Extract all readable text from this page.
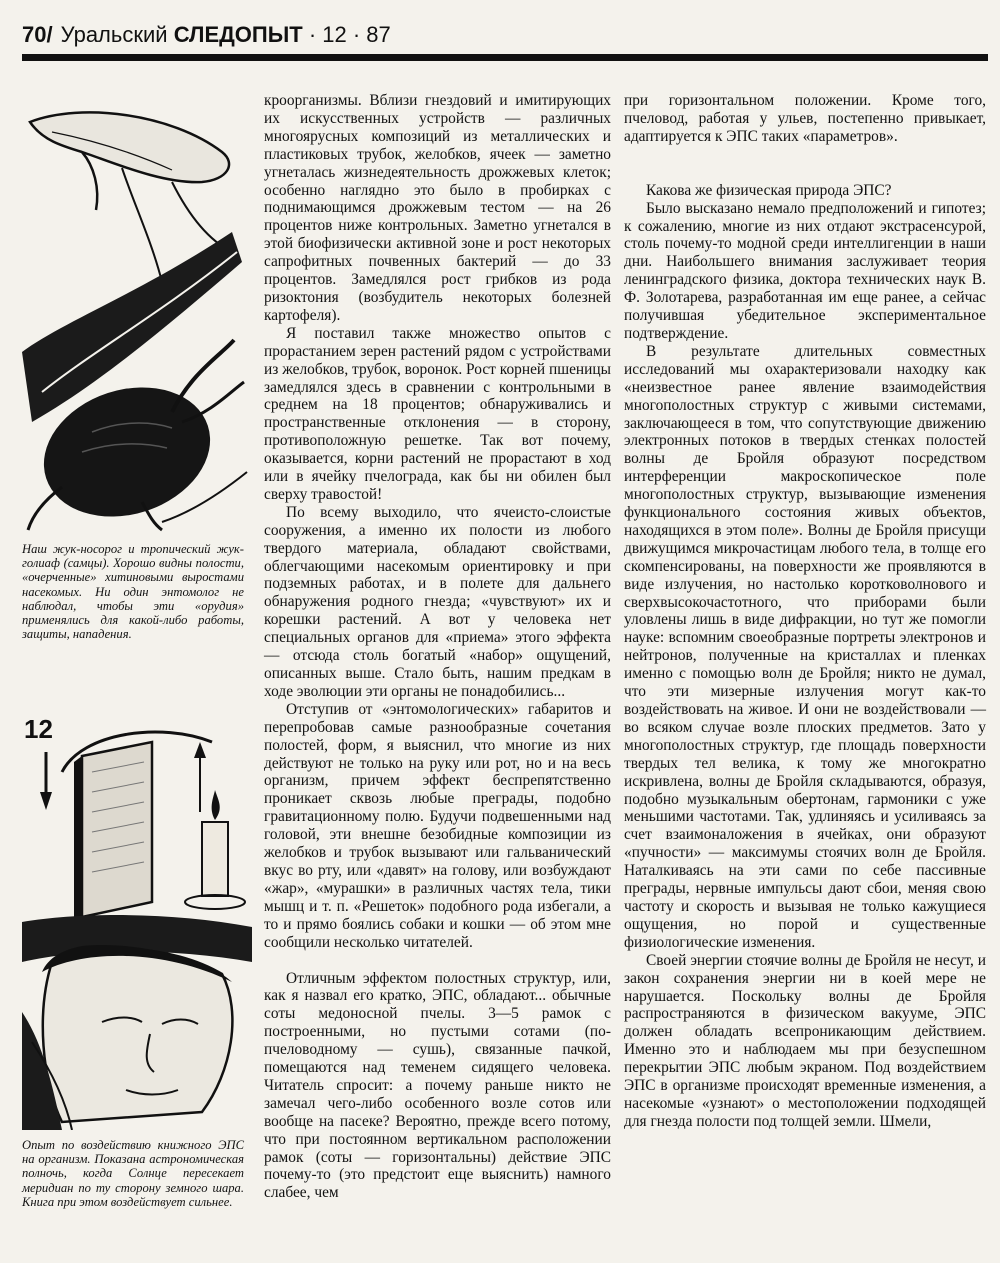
70/ Уральский СЛЕДОПЫТ · 12 · 87
Наш жук-носорог и тропический жук-голиаф (самцы). Хорошо видны полости, «очерченные» хитиновыми выростами насекомых. Ни один энтомолог не наблюдал, чтобы эти «орудия» применялись для какой-либо работы, защиты, нападения.
12
Опыт по воздействию книжного ЭПС на организм. Показана астрономическая полночь, когда Солнце пересекает меридиан по ту сторону земного шара. Книга при этом воздействует сильнее.

кроорганизмы. Вблизи гнездовий и имитирующих их искусственных устройств — различных многоярусных композиций из металлических и пластиковых трубок, желобков, ячеек — заметно угнеталась жизнедеятельность дрожжевых клеток; особенно наглядно это было в пробирках с поднимающимся дрожжевым тестом — на 26 процентов ниже контрольных. Заметно угнетался в этой биофизически активной зоне и рост некоторых сапрофитных почвенных бактерий — до 33 процентов. Замедлялся рост грибков из рода ризоктония (возбудитель некоторых болезней картофеля).

Я поставил также множество опытов с прорастанием зерен растений рядом с устройствами из желобков, трубок, воронок. Рост корней пшеницы замедлялся здесь в сравнении с контрольными в среднем на 18 процентов; обнаруживались и пространственные отклонения — в сторону, противоположную решетке. Так вот почему, оказывается, корни растений не прорастают в ход или в ячейку пчелограда, как бы ни обилен был сверху травостой!

По всему выходило, что ячеисто-слоистые сооружения, а именно их полости из любого твердого материала, обладают свойствами, облегчающими насекомым ориентировку и при подземных работах, и в полете для дальнего обнаружения родного гнезда; «чувствуют» их и корешки растений. А вот у человека нет специальных органов для «приема» этого эффекта — отсюда столь богатый «набор» ощущений, описанных выше. Стало быть, нашим предкам в ходе эволюции эти органы не понадобились...

Отступив от «энтомологических» габаритов и перепробовав самые разнообразные сочетания полостей, форм, я выяснил, что многие из них действуют не только на руку или рот, но и на весь организм, причем эффект беспрепятственно проникает сквозь любые преграды, подобно гравитационному полю. Будучи подвешенными над головой, эти внешне безобидные композиции из желобков и трубок вызывают или гальванический вкус во рту, или «давят» на голову, или возбуждают «жар», «мурашки» в различных частях тела, тики мышц и т. п. «Решеток» подобного рода избегали, а то и прямо боялись собаки и кошки — об этом мне сообщили несколько читателей.

Отличным эффектом полостных структур, или, как я назвал его кратко, ЭПС, обладают... обычные соты медоносной пчелы. 3—5 рамок с построенными, но пустыми сотами (по-пчеловодному — сушь), связанные пачкой, помещаются над теменем сидящего человека. Читатель спросит: а почему раньше никто не замечал чего-либо особенного возле сотов или вообще на пасеке? Вероятно, прежде всего потому, что при постоянном вертикальном расположении рамок (соты — горизонтальны) действие ЭПС почему-то (это предстоит еще выяснить) намного слабее, чем

при горизонтальном положении. Кроме того, пчеловод, работая у ульев, постепенно привыкает, адаптируется к ЭПС таких «параметров».

Какова же физическая природа ЭПС?

Было высказано немало предположений и гипотез; к сожалению, многие из них отдают экстрасенсурой, столь почему-то модной среди интеллигенции в наши дни. Наибольшего внимания заслуживает теория ленинградского физика, доктора технических наук В. Ф. Золотарева, разработанная им еще ранее, а сейчас получившая убедительное экспериментальное подтверждение.

В результате длительных совместных исследований мы охарактеризовали находку как «неизвестное ранее явление взаимодействия многополостных структур с живыми системами, заключающееся в том, что сопутствующие движению электронных потоков в твердых стенках полостей волны де Бройля образуют посредством интерференции макроскопическое поле многополостных структур, вызывающие изменения функционального состояния живых объектов, находящихся в этом поле». Волны де Бройля присущи движущимся микрочастицам любого тела, в толще его скомпенсированы, на поверхности же проявляются в виде излучения, но настолько коротковолнового и сверхвысокочастотного, что приборами были уловлены лишь в виде дифракции, но тут же помогли науке: вспомним своеобразные портреты электронов и нейтронов, полученные на кристаллах и пленках именно с помощью волн де Бройля; никто не думал, что эти мизерные излучения могут как-то воздействовать на живое. И они не воздействовали — во всяком случае возле плоских предметов. Зато у многополостных структур, где площадь поверхности твердых тел велика, к тому же многократно искривлена, волны де Бройля складываются, образуя, подобно музыкальным обертонам, гармоники с уже меньшими частотами. Так, удлиняясь и усиливаясь за счет взаимоналожения в ячейках, они образуют «пучности» — максимумы стоячих волн де Бройля. Наталкиваясь на эти сами по себе пассивные преграды, нервные импульсы дают сбои, меняя свою частоту и скорость и вызывая не только кажущиеся ощущения, но порой и существенные физиологические изменения.

Своей энергии стоячие волны де Бройля не несут, и закон сохранения энергии ни в коей мере не нарушается. Поскольку волны де Бройля распространяются в физическом вакууме, ЭПС должен обладать всепроникающим действием. Именно это и наблюдаем мы при безуспешном перекрытии ЭПС любым экраном. Под воздействием ЭПС в организме происходят временные изменения, а насекомые «узнают» о местоположении подходящей для гнезда полости под толщей земли. Шмели,
